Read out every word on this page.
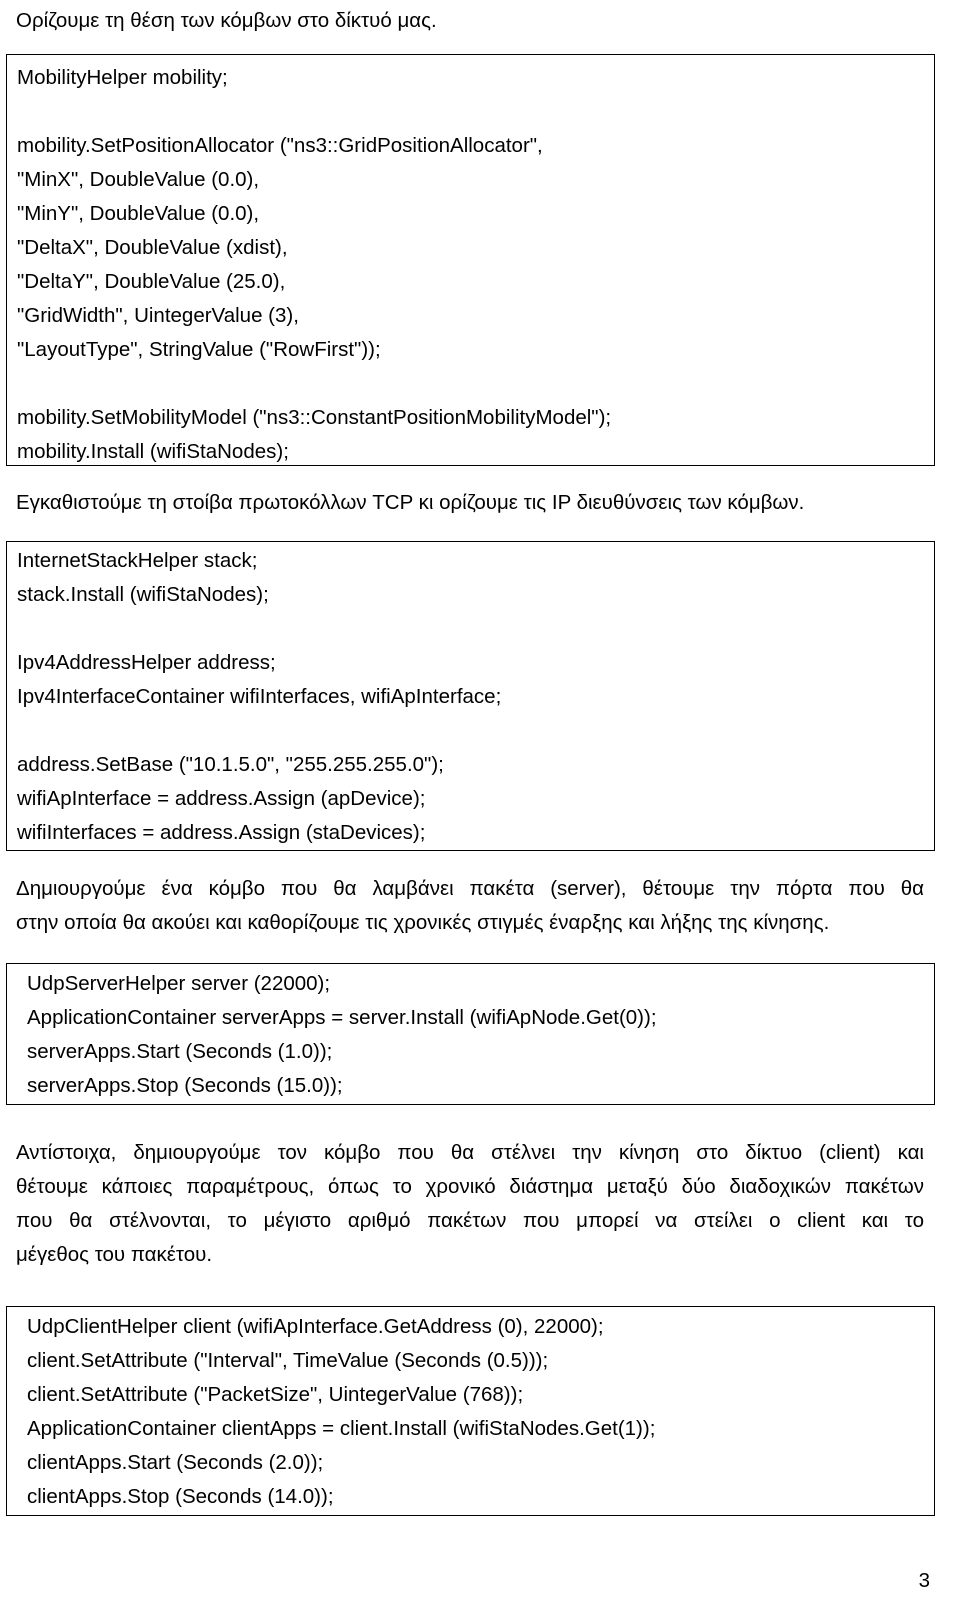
Ορίζουμε τη θέση των κόμβων στο δίκτυό μας.
MobilityHelper mobility;
mobility.SetPositionAllocator ("ns3::GridPositionAllocator",
"MinX", DoubleValue (0.0),
"MinY", DoubleValue (0.0),
"DeltaX", DoubleValue (xdist),
"DeltaY", DoubleValue (25.0),
"GridWidth", UintegerValue (3),
"LayoutType", StringValue ("RowFirst"));
mobility.SetMobilityModel ("ns3::ConstantPositionMobilityModel");
mobility.Install (wifiStaNodes);
Εγκαθιστούμε τη στοίβα πρωτοκόλλων TCP κι ορίζουμε τις IP διευθύνσεις των κόμβων.
InternetStackHelper stack;
stack.Install (wifiStaNodes);
Ipv4AddressHelper address;
Ipv4InterfaceContainer wifiInterfaces, wifiApInterface;
address.SetBase ("10.1.5.0", "255.255.255.0");
wifiApInterface = address.Assign (apDevice);
wifiInterfaces = address.Assign (staDevices);
Δημιουργούμε ένα κόμβο που θα λαμβάνει πακέτα (server), θέτουμε την πόρτα που θα
στην οποία θα ακούει και καθορίζουμε τις χρονικές στιγμές έναρξης και λήξης της κίνησης.
UdpServerHelper server (22000);
ApplicationContainer serverApps = server.Install (wifiApNode.Get(0));
serverApps.Start (Seconds (1.0));
serverApps.Stop (Seconds (15.0));
Αντίστοιχα, δημιουργούμε τον κόμβο που θα στέλνει την κίνηση στο δίκτυο (client) και
θέτουμε κάποιες παραμέτρους, όπως το χρονικό διάστημα μεταξύ δύο διαδοχικών πακέτων
που θα στέλνονται, το μέγιστο αριθμό πακέτων που μπορεί να στείλει ο client και το
μέγεθος του πακέτου.
UdpClientHelper client (wifiApInterface.GetAddress (0), 22000);
client.SetAttribute ("Interval", TimeValue (Seconds (0.5)));
client.SetAttribute ("PacketSize", UintegerValue (768));
ApplicationContainer clientApps = client.Install (wifiStaNodes.Get(1));
clientApps.Start (Seconds (2.0));
clientApps.Stop (Seconds (14.0));
3
